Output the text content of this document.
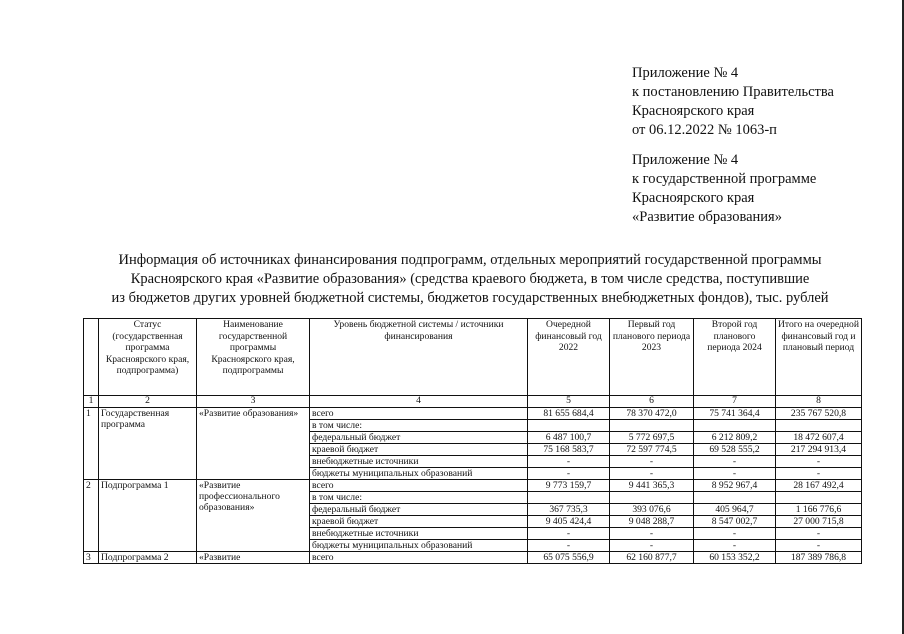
Приложение № 4
к постановлению Правительства
Красноярского края
от 06.12.2022 № 1063-п
Приложение № 4
к государственной программе
Красноярского края
«Развитие образования»
Информация об источниках финансирования подпрограмм, отдельных мероприятий государственной программы
Красноярского края «Развитие образования» (средства краевого бюджета, в том числе средства, поступившие
из бюджетов других уровней бюджетной системы, бюджетов государственных внебюджетных фондов), тыс. рублей
	Статус (государственная программа Красноярского края, подпрограмма)	Наименование государственной программы Красноярского края, подпрограммы	Уровень бюджетной системы / источники финансирования	Очередной финансовый год 2022	Первый год планового периода 2023	Второй год планового периода 2024	Итого на очередной финансовый год и плановый период
1	2	3	4	5	6	7	8
1	Государственная программа	«Развитие образования»	всего	81 655 684,4	78 370 472,0	75 741 364,4	235 767 520,8
			в том числе:				
			федеральный бюджет	6 487 100,7	5 772 697,5	6 212 809,2	18 472 607,4
			краевой бюджет	75 168 583,7	72 597 774,5	69 528 555,2	217 294 913,4
			внебюджетные источники	-	-	-	-
			бюджеты муниципальных образований	-	-	-	-
2	Подпрограмма 1	«Развитие профессионального образования»	всего	9 773 159,7	9 441 365,3	8 952 967,4	28 167 492,4
			в том числе:				
			федеральный бюджет	367 735,3	393 076,6	405 964,7	1 166 776,6
			краевой бюджет	9 405 424,4	9 048 288,7	8 547 002,7	27 000 715,8
			внебюджетные источники	-	-	-	-
			бюджеты муниципальных образований	-	-	-	-
3	Подпрограмма 2	«Развитие	всего	65 075 556,9	62 160 877,7	60 153 352,2	187 389 786,8
